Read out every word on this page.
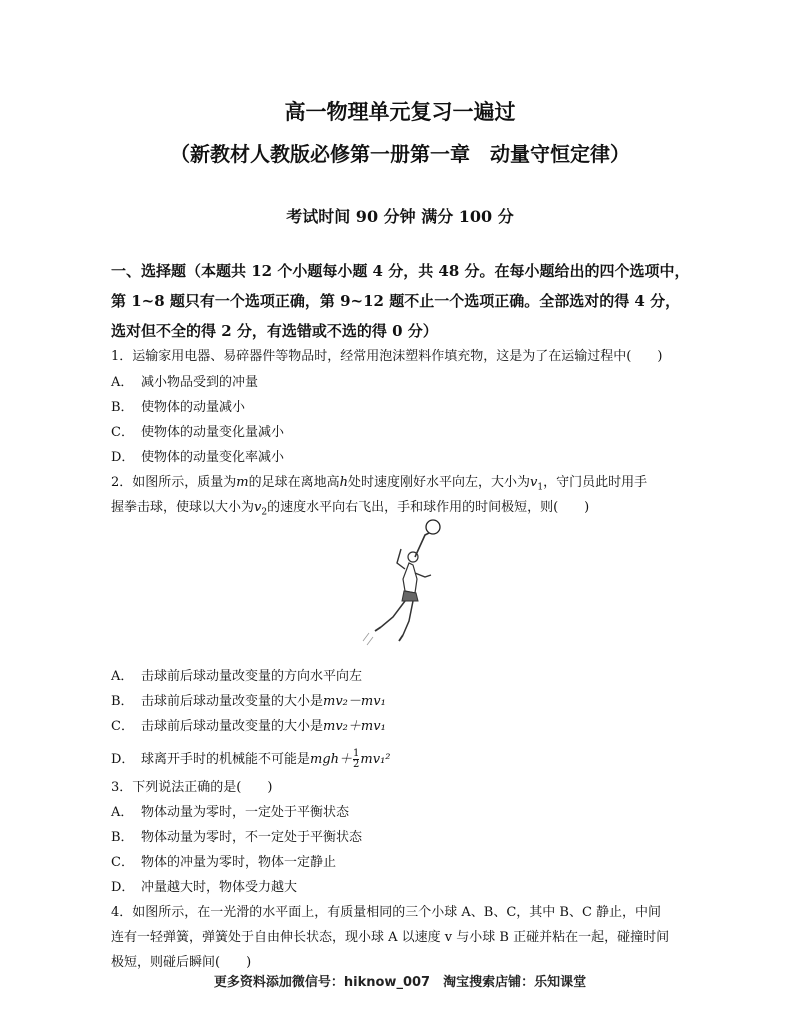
高一物理单元复习一遍过
（新教材人教版必修第一册第一章　动量守恒定律）
考试时间 90 分钟 满分 100 分
一、选择题（本题共 12 个小题每小题 4 分，共 48 分。在每小题给出的四个选项中，第 1~8 题只有一个选项正确，第 9~12 题不止一个选项正确。全部选对的得 4 分，选对但不全的得 2 分，有选错或不选的得 0 分）
1．运输家用电器、易碎器件等物品时，经常用泡沫塑料作填充物，这是为了在运输过程中(　　)
A． 减小物品受到的冲量
B． 使物体的动量减小
C． 使物体的动量变化量减小
D． 使物体的动量变化率减小
2．如图所示，质量为m的足球在离地高h处时速度刚好水平向左，大小为$v_1$，守门员此时用手
握拳击球，使球以大小为$v_2$的速度水平向右飞出，手和球作用的时间极短，则(　　)
A． 击球前后球动量改变量的方向水平向左
B． 击球前后球动量改变量的大小是mv₂－mv₁
C． 击球前后球动量改变量的大小是mv₂＋mv₁
D． 球离开手时的机械能不可能是$mgh+ \frac{1}{2} mv_1^2$
3．下列说法正确的是(　　)
A． 物体动量为零时，一定处于平衡状态
B． 物体动量为零时，不一定处于平衡状态
C． 物体的冲量为零时，物体一定静止
D． 冲量越大时，物体受力越大
4．如图所示，在一光滑的水平面上，有质量相同的三个小球 A、B、C，其中 B、C 静止，中间
连有一轻弹簧，弹簧处于自由伸长状态，现小球 A 以速度 v 与小球 B 正碰并粘在一起，碰撞时间
极短，则碰后瞬间(　　)
更多资料添加微信号：hiknow_007　淘宝搜索店铺：乐知课堂
